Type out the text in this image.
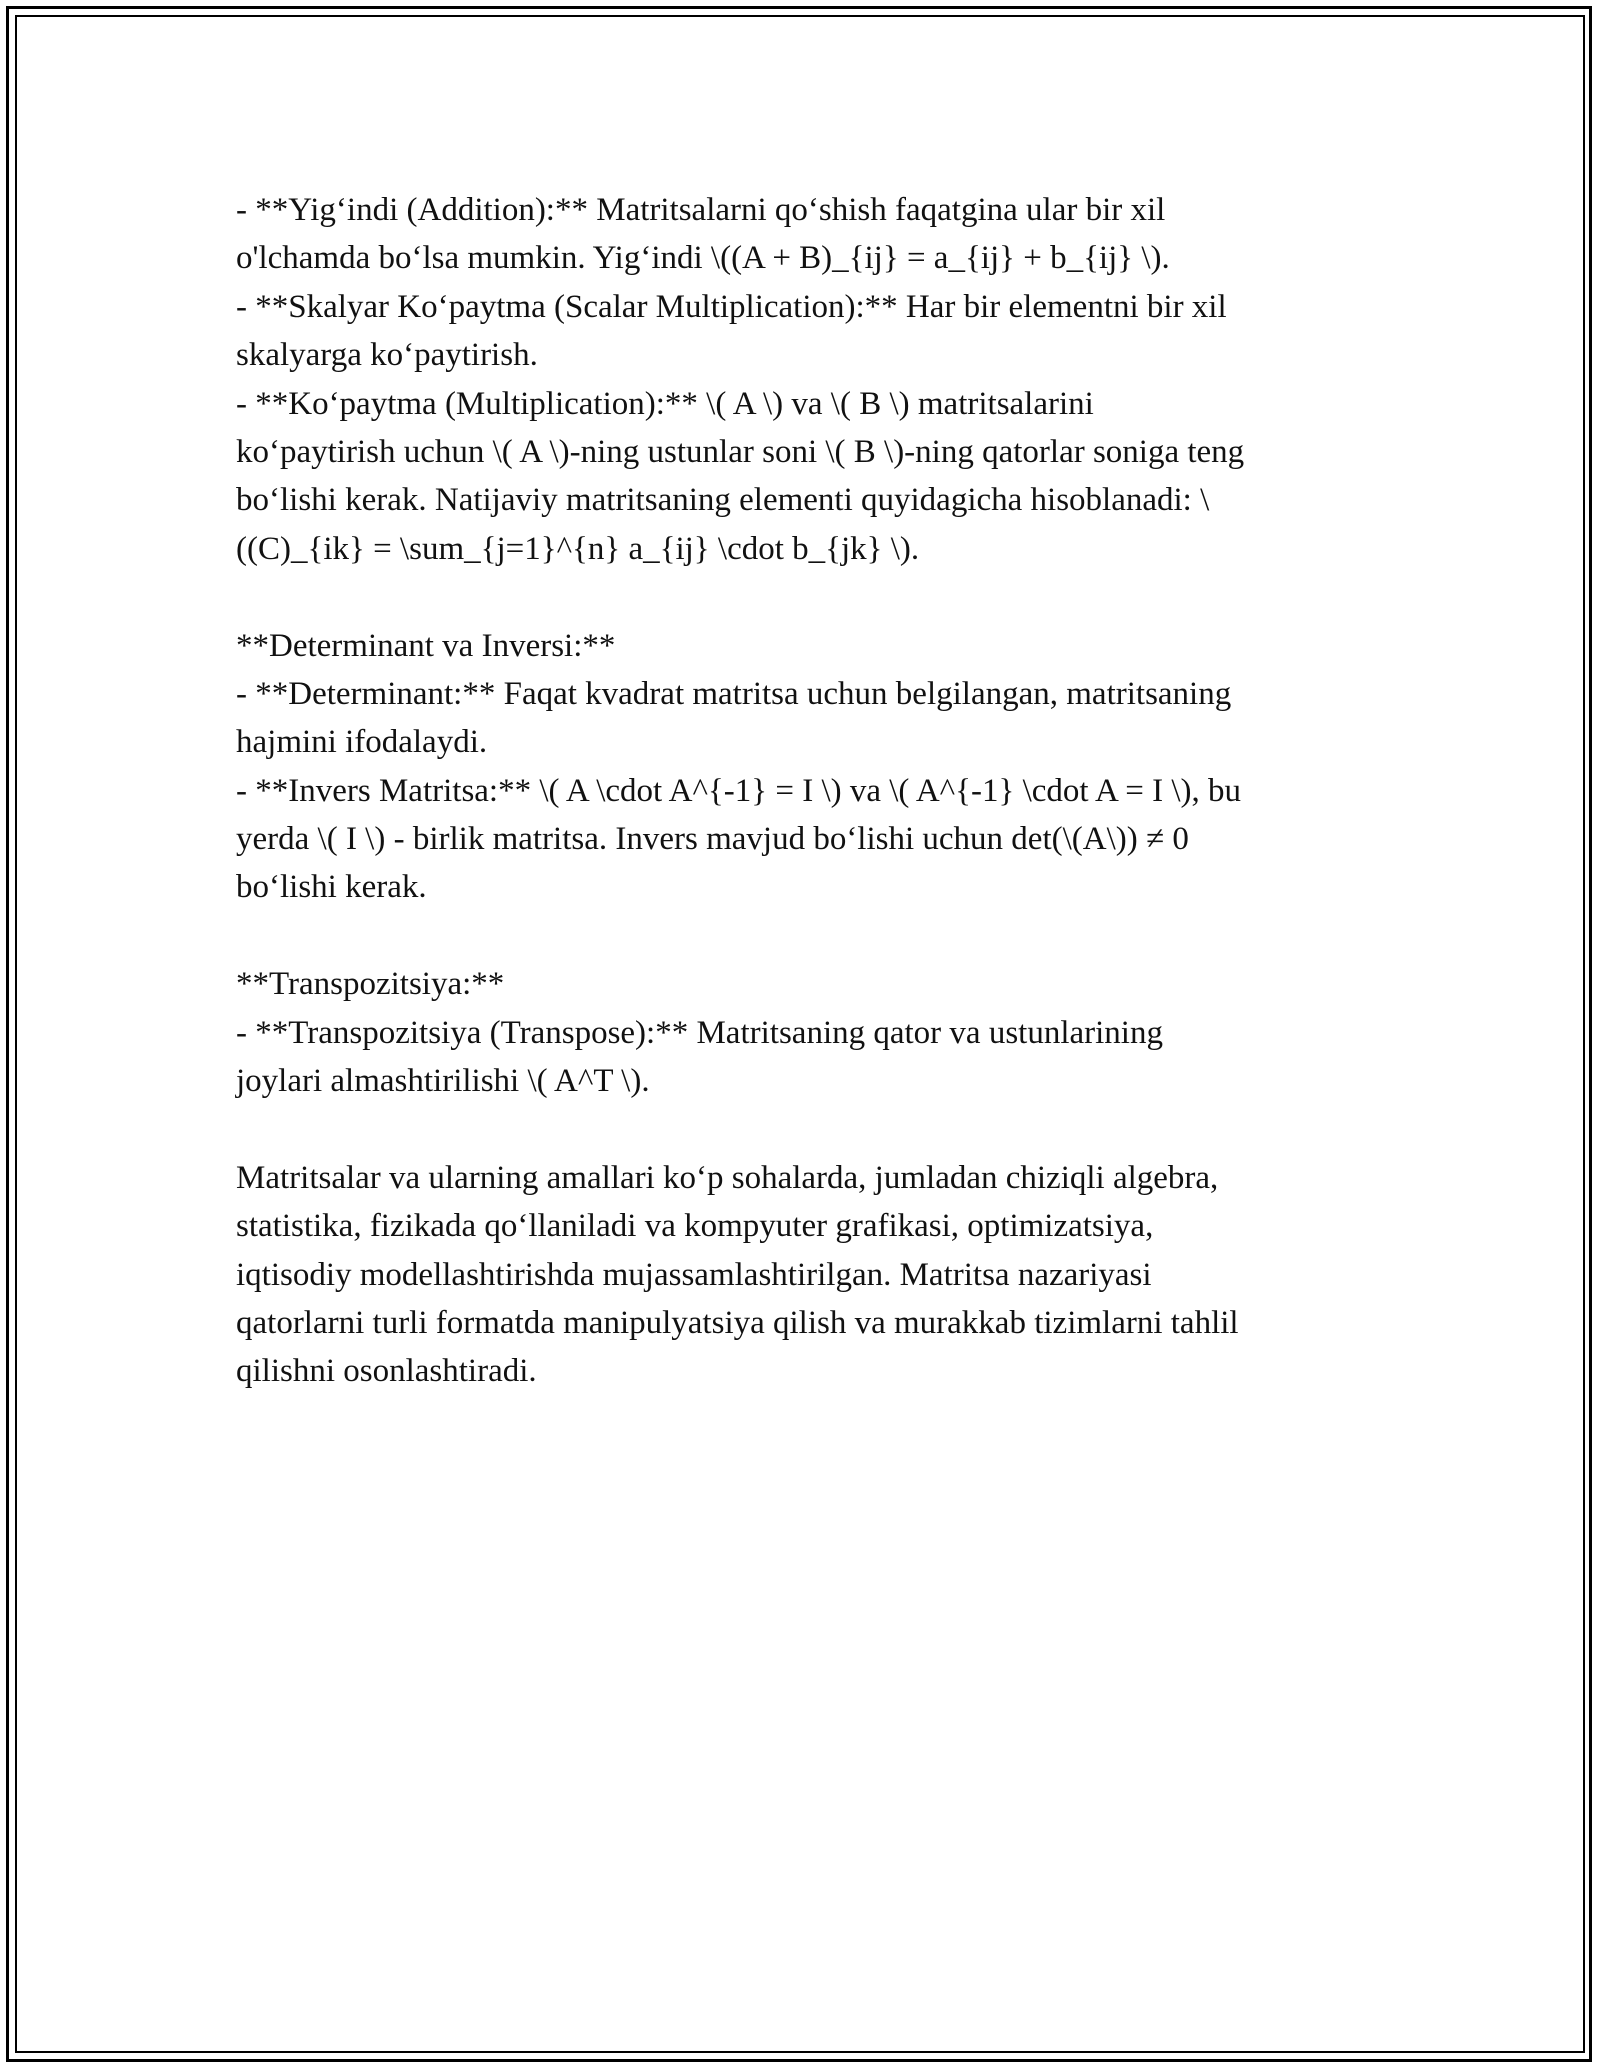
- **Yig‘indi (Addition):** Matritsalarni qo‘shish faqatgina ular bir xil
o'lchamda bo‘lsa mumkin. Yig‘indi \((A + B)_{ij} = a_{ij} + b_{ij} \).
- **Skalyar Ko‘paytma (Scalar Multiplication):** Har bir elementni bir xil
skalyarga ko‘paytirish.
- **Ko‘paytma (Multiplication):** \( A \) va \( B \) matritsalarini
ko‘paytirish uchun \( A \)-ning ustunlar soni \( B \)-ning qatorlar soniga teng
bo‘lishi kerak. Natijaviy matritsaning elementi quyidagicha hisoblanadi: \
((C)_{ik} = \sum_{j=1}^{n} a_{ij} \cdot b_{jk} \).
**Determinant va Inversi:**
- **Determinant:** Faqat kvadrat matritsa uchun belgilangan, matritsaning
hajmini ifodalaydi.
- **Invers Matritsa:** \( A \cdot A^{-1} = I \) va \( A^{-1} \cdot A = I \), bu
yerda \( I \) - birlik matritsa. Invers mavjud bo‘lishi uchun det(\(A\)) ≠ 0
bo‘lishi kerak.
**Transpozitsiya:**
- **Transpozitsiya (Transpose):** Matritsaning qator va ustunlarining
joylari almashtirilishi \( A^T \).
Matritsalar va ularning amallari ko‘p sohalarda, jumladan chiziqli algebra,
statistika, fizikada qo‘llaniladi va kompyuter grafikasi, optimizatsiya,
iqtisodiy modellashtirishda mujassamlashtirilgan. Matritsa nazariyasi
qatorlarni turli formatda manipulyatsiya qilish va murakkab tizimlarni tahlil
qilishni osonlashtiradi.
